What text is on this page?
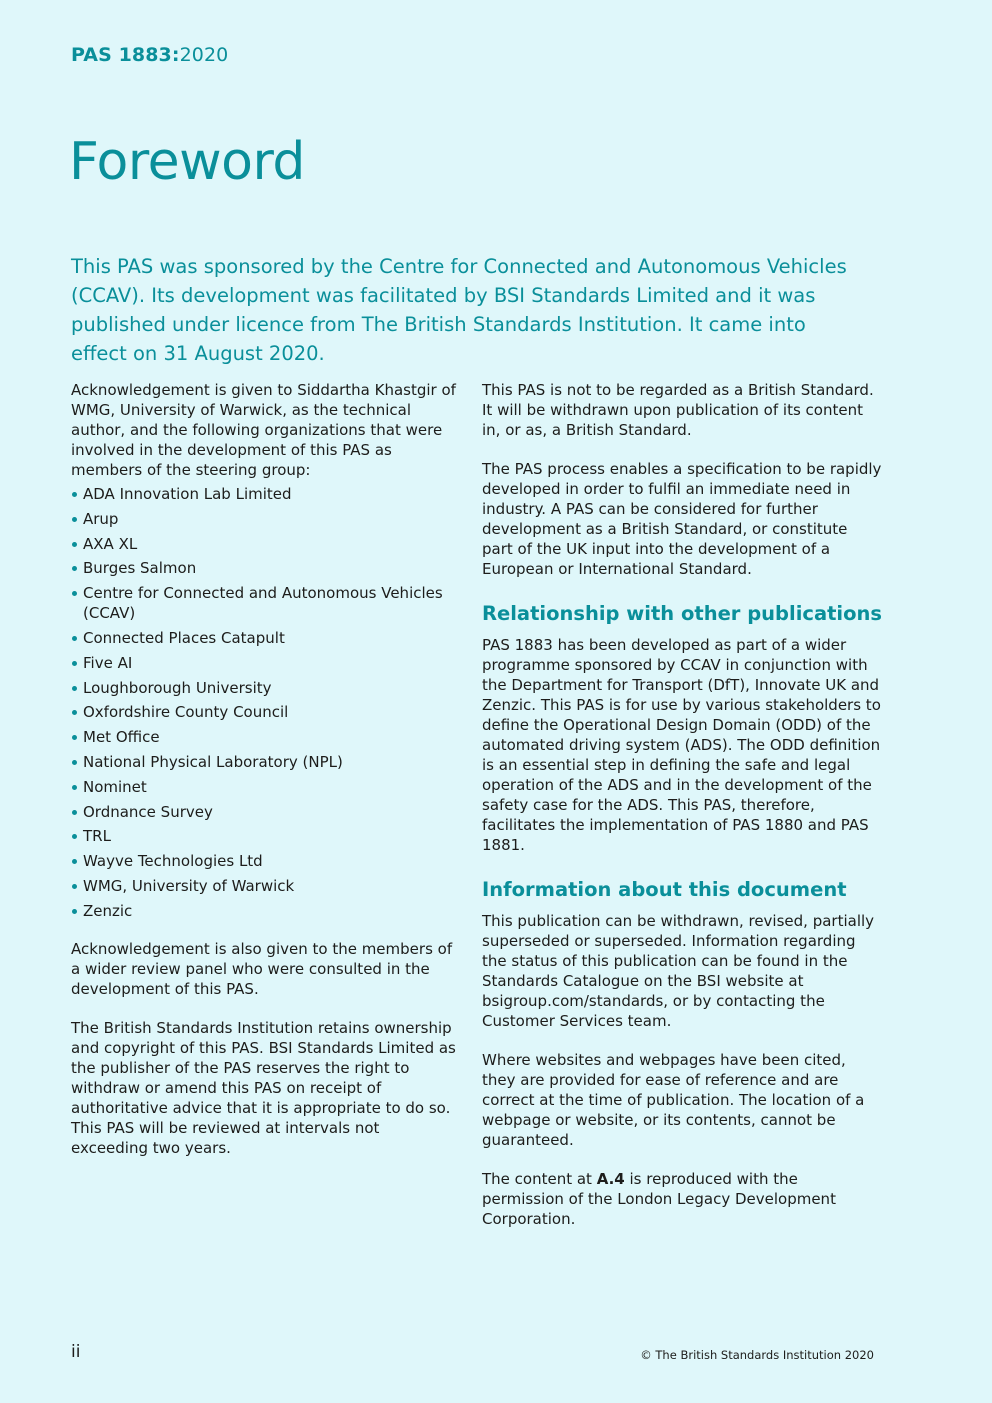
PAS 1883:2020
Foreword

This PAS was sponsored by the Centre for Connected and Autonomous Vehicles (CCAV). Its development was facilitated by BSI Standards Limited and it was published under licence from The British Standards Institution. It came into effect on 31 August 2020.

Acknowledgement is given to Siddartha Khastgir of WMG, University of Warwick, as the technical author, and the following organizations that were involved in the development of this PAS as members of the steering group:

ADA Innovation Lab Limited
Arup
AXA XL
Burges Salmon
Centre for Connected and Autonomous Vehicles (CCAV)
Connected Places Catapult
Five AI
Loughborough University
Oxfordshire County Council
Met Office
National Physical Laboratory (NPL)
Nominet
Ordnance Survey
TRL
Wayve Technologies Ltd
WMG, University of Warwick
Zenzic

Acknowledgement is also given to the members of a wider review panel who were consulted in the development of this PAS.

The British Standards Institution retains ownership and copyright of this PAS. BSI Standards Limited as the publisher of the PAS reserves the right to withdraw or amend this PAS on receipt of authoritative advice that it is appropriate to do so. This PAS will be reviewed at intervals not exceeding two years.

This PAS is not to be regarded as a British Standard. It will be withdrawn upon publication of its content in, or as, a British Standard.

The PAS process enables a specification to be rapidly developed in order to fulfil an immediate need in industry. A PAS can be considered for further development as a British Standard, or constitute part of the UK input into the development of a European or International Standard.

Relationship with other publications

PAS 1883 has been developed as part of a wider programme sponsored by CCAV in conjunction with the Department for Transport (DfT), Innovate UK and Zenzic. This PAS is for use by various stakeholders to define the Operational Design Domain (ODD) of the automated driving system (ADS). The ODD definition is an essential step in defining the safe and legal operation of the ADS and in the development of the safety case for the ADS. This PAS, therefore, facilitates the implementation of PAS 1880 and PAS 1881.

Information about this document

This publication can be withdrawn, revised, partially superseded or superseded. Information regarding the status of this publication can be found in the Standards Catalogue on the BSI website at bsigroup.com/standards, or by contacting the Customer Services team.

Where websites and webpages have been cited, they are provided for ease of reference and are correct at the time of publication. The location of a webpage or website, or its contents, cannot be guaranteed.

The content at A.4 is reproduced with the permission of the London Legacy Development Corporation.

ii	© The British Standards Institution 2020
